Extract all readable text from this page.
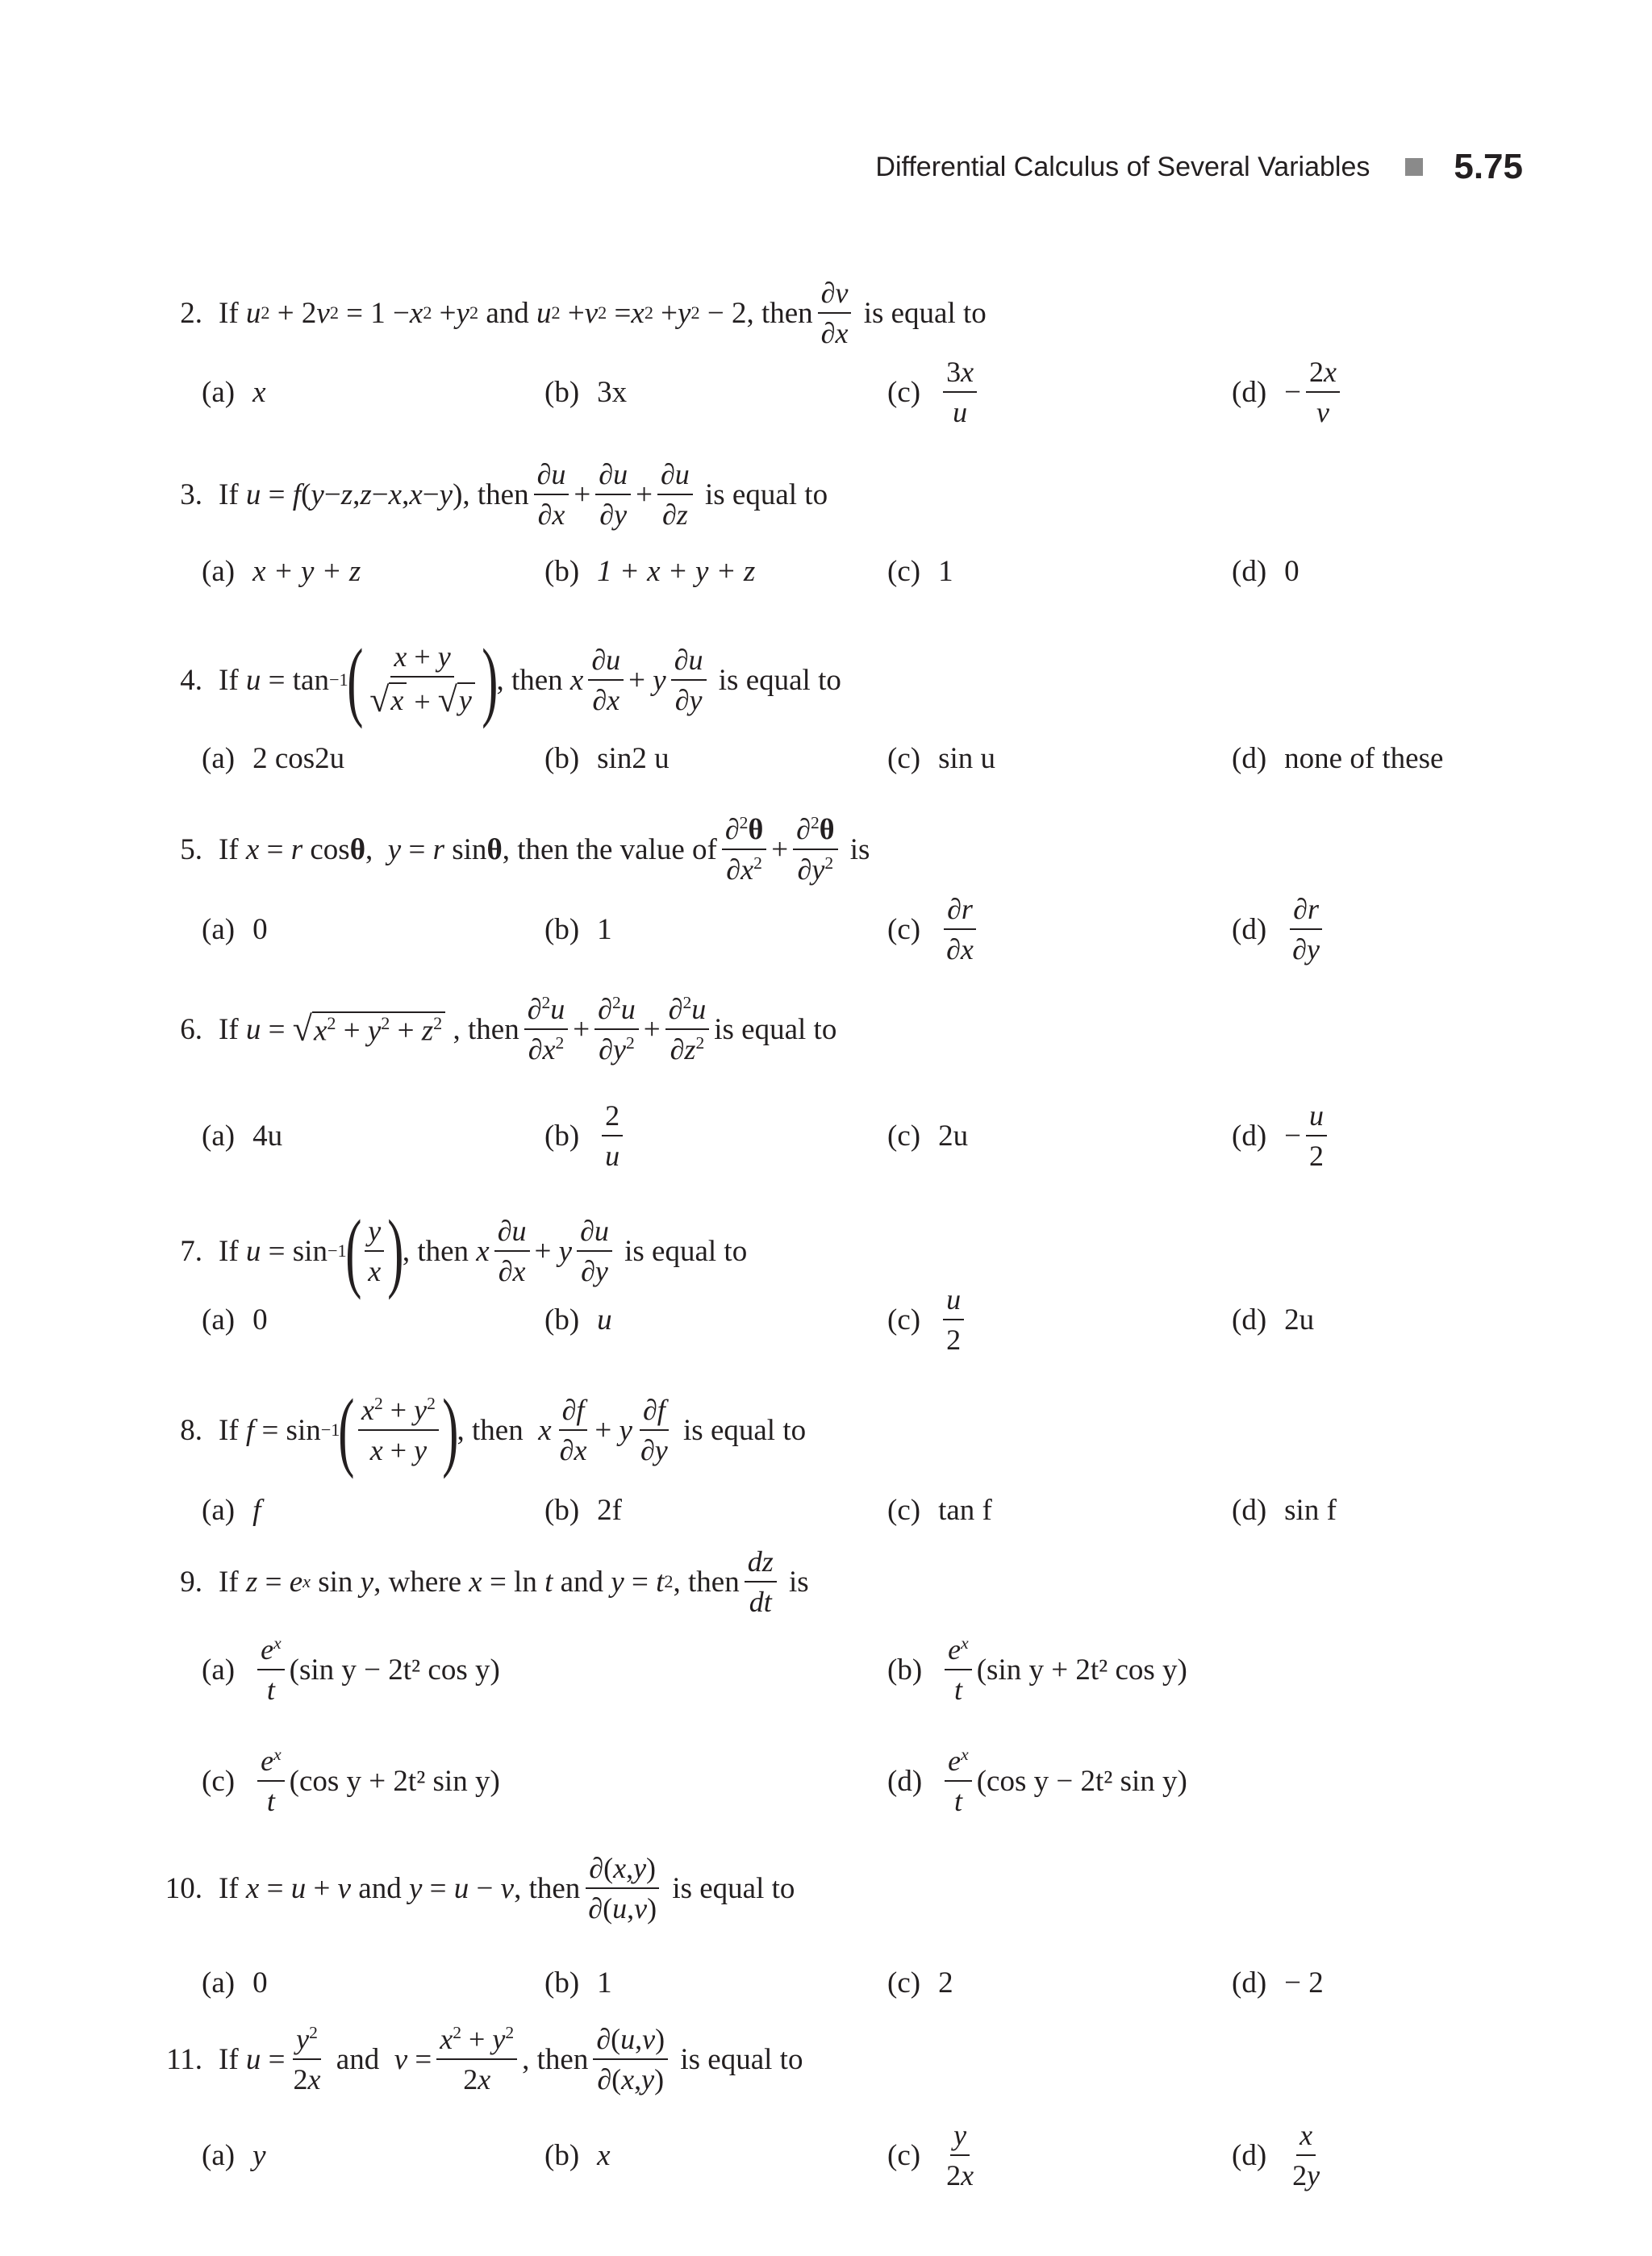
Differential Calculus of Several Variables 5.75
2. If u 2 + 2 v 2 = 1 − x 2 + y 2 and u 2 + v 2 = x 2 + y 2 − 2, then $\frac{\partial v}{\partial x}$ is equal to
(a) x	(b) 3x	$(c) \frac{3x}{u}$	$(d) - \frac{2x}{v}$
3. If u = f ( y − z , z − x , x − y ), then $\frac{\partial u}{\partial x} + \frac{\partial u}{\partial y} + \frac{\partial u}{\partial z}$ is equal to
(a) x + y + z	(b) 1 + x + y + z	(c) 1	(d) 0
4. If u = tan −1
( $\frac{x + y}{√ x + √ y}$ )
, then x $\frac{\partial u}{\partial x} + y \frac{\partial u}{\partial y}$ is equal to
(a) 2 cos2u	(b) sin2 u	(c) sin u	(d) none of these
5. If x = r cos θ , y = r sin θ , then the value of $\frac{\partial^2\theta}{\partial x^2} + \frac{\partial^2\theta}{\partial y^2}$ is
(a) 0	(b) 1	$(c) \frac{\partial r}{\partial x}$	$(d) \frac{\partial r}{\partial y}$
6. If u = √ $x^2 + y^2 + z^2$ , then $\frac{\partial^2u}{\partial x^2} + \frac{\partial^2u}{\partial y^2} + \frac{\partial^2u}{\partial z^2}$ is equal to
(a) 4u	$(b) \frac{2}{u}$	(c) 2u	$(d) - \frac{u}{2}$
7. If u = sin −1
( $\frac{y}{x}$ )
, then x $\frac{\partial u}{\partial x} + y \frac{\partial u}{\partial y}$ is equal to
(a) 0	(b) u	$(c) \frac{u}{2}$	(d) 2u
8. If f = sin −1
( $\frac{x^2 + y^2}{x + y}$ )
, then x $\frac{\partial f}{\partial x} + y \frac{\partial f}{\partial y}$ is equal to
(a) f	(b) 2f	(c) tan f	(d) sin f
9. If z = e x sin y , where x = ln t and y = t 2 , then $\frac{dz}{dt}$ is
$(a) \frac{e^x}{t} (\sin$ y − 2t² cos y)	$(b) \frac{e^x}{t} (\sin$ y + 2t² cos y)
$(c) \frac{e^x}{t} (\cos$ y + 2t² sin y)	$(d) \frac{e^x}{t} (\cos$ y − 2t² sin y)
10. If x = u + v and y = u − v , then $\frac{\partial(x,y)}{\partial(u,v)}$ is equal to
(a) 0	(b) 1	(c) 2	(d) − 2
11. If $u = \frac{y^2}{2x}$ and $v = \frac{x^2 + y^2}{2x}$ , then $\frac{\partial(u,v)}{\partial(x,y)}$ is equal to
(a) y	(b) x	$(c) \frac{y}{2x}$	$(d) \frac{x}{2y}$
